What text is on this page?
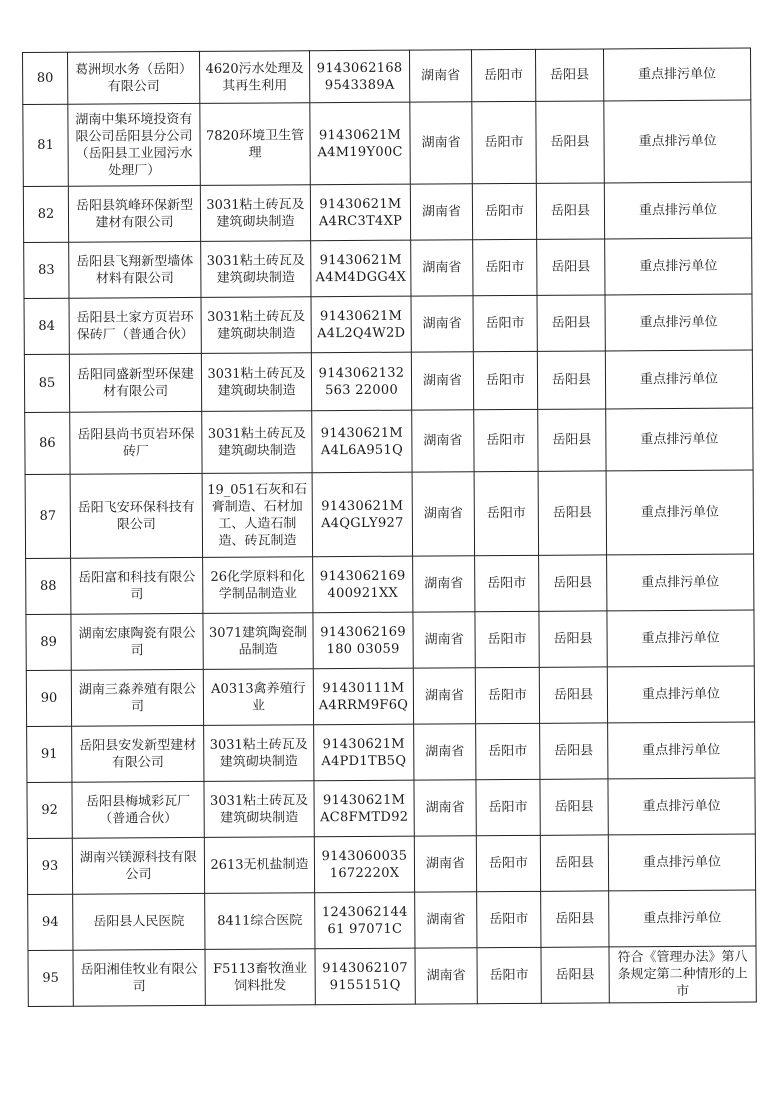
80	葛洲坝水务（岳阳）有限公司	4620污水处理及其再生利用	91430621689543389A	湖南省	岳阳市	岳阳县	重点排污单位
81	湖南中集环境投资有限公司岳阳县分公司（岳阳县工业园污水处理厂）	7820环境卫生管理	91430621MA4M19Y00C	湖南省	岳阳市	岳阳县	重点排污单位
82	岳阳县筑峰环保新型建材有限公司	3031粘土砖瓦及建筑砌块制造	91430621MA4RC3T4XP	湖南省	岳阳市	岳阳县	重点排污单位
83	岳阳县飞翔新型墙体材料有限公司	3031粘土砖瓦及建筑砌块制造	91430621MA4M4DGG4X	湖南省	岳阳市	岳阳县	重点排污单位
84	岳阳县土家方页岩环保砖厂（普通合伙）	3031粘土砖瓦及建筑砌块制造	91430621MA4L2Q4W2D	湖南省	岳阳市	岳阳县	重点排污单位
85	岳阳同盛新型环保建材有限公司	3031粘土砖瓦及建筑砌块制造	9143062132563 22000	湖南省	岳阳市	岳阳县	重点排污单位
86	岳阳县尚书页岩环保砖厂	3031粘土砖瓦及建筑砌块制造	91430621MA4L6A951Q	湖南省	岳阳市	岳阳县	重点排污单位
87	岳阳飞安环保科技有限公司	19_051石灰和石膏制造、石材加工、人造石制造、砖瓦制造	91430621MA4QGLY927	湖南省	岳阳市	岳阳县	重点排污单位
88	岳阳富和科技有限公司	26化学原料和化学制品制造业	9143062169400921XX	湖南省	岳阳市	岳阳县	重点排污单位
89	湖南宏康陶瓷有限公司	3071建筑陶瓷制品制造	9143062169180 03059	湖南省	岳阳市	岳阳县	重点排污单位
90	湖南三淼养殖有限公司	A0313禽养殖行业	91430111MA4RRM9F6Q	湖南省	岳阳市	岳阳县	重点排污单位
91	岳阳县安发新型建材有限公司	3031粘土砖瓦及建筑砌块制造	91430621MA4PD1TB5Q	湖南省	岳阳市	岳阳县	重点排污单位
92	岳阳县梅城彩瓦厂（普通合伙）	3031粘土砖瓦及建筑砌块制造	91430621MAC8FMTD92	湖南省	岳阳市	岳阳县	重点排污单位
93	湖南兴镁源科技有限公司	2613无机盐制造	91430600351672220X	湖南省	岳阳市	岳阳县	重点排污单位
94	岳阳县人民医院	8411综合医院	124306214461 97071C	湖南省	岳阳市	岳阳县	重点排污单位
95	岳阳湘佳牧业有限公司	F5113畜牧渔业饲料批发	91430621079155151Q	湖南省	岳阳市	岳阳县	符合《管理办法》第八条规定第二种情形的上市
